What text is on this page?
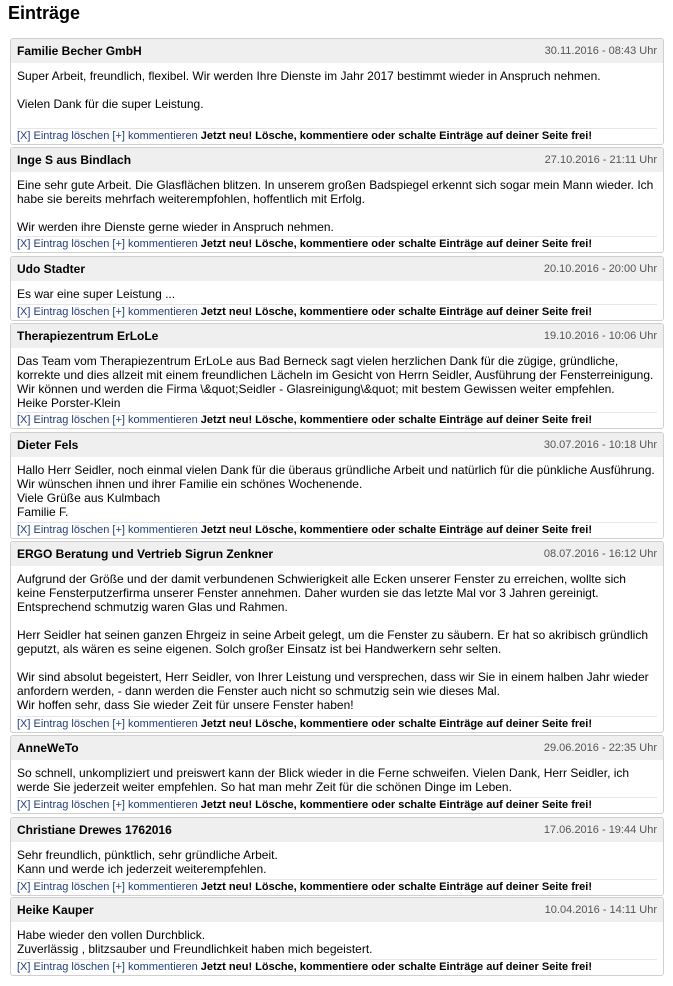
Einträge
Familie Becher GmbH	30.11.2016 - 08:43 Uhr

Super Arbeit, freundlich, flexibel. Wir werden Ihre Dienste im Jahr 2017 bestimmt wieder in Anspruch nehmen.

Vielen Dank für die super Leistung.

[X] Eintrag löschen [+] kommentieren Jetzt neu! Lösche, kommentiere oder schalte Einträge auf deiner Seite frei!
Inge S aus Bindlach	27.10.2016 - 21:11 Uhr

Eine sehr gute Arbeit. Die Glasflächen blitzen. In unserem großen Badspiegel erkennt sich sogar mein Mann wieder. Ich habe sie bereits mehrfach weiterempfohlen, hoffentlich mit Erfolg.

Wir werden ihre Dienste gerne wieder in Anspruch nehmen.

[X] Eintrag löschen [+] kommentieren Jetzt neu! Lösche, kommentiere oder schalte Einträge auf deiner Seite frei!
Udo Stadter	20.10.2016 - 20:00 Uhr

Es war eine super Leistung ...

[X] Eintrag löschen [+] kommentieren Jetzt neu! Lösche, kommentiere oder schalte Einträge auf deiner Seite frei!
Therapiezentrum ErLoLe	19.10.2016 - 10:06 Uhr

Das Team vom Therapiezentrum ErLoLe aus Bad Berneck sagt vielen herzlichen Dank für die zügige, gründliche, korrekte und dies allzeit mit einem freundlichen Lächeln im Gesicht von Herrn Seidler, Ausführung der Fensterreinigung. Wir können und werden die Firma \&quot;Seidler - Glasreinigung\&quot; mit bestem Gewissen weiter empfehlen.
Heike Porster-Klein

[X] Eintrag löschen [+] kommentieren Jetzt neu! Lösche, kommentiere oder schalte Einträge auf deiner Seite frei!
Dieter Fels	30.07.2016 - 10:18 Uhr

Hallo Herr Seidler, noch einmal vielen Dank für die überaus gründliche Arbeit und natürlich für die pünkliche Ausführung.
Wir wünschen ihnen und ihrer Familie ein schönes Wochenende.
Viele Grüße aus Kulmbach
Familie F.

[X] Eintrag löschen [+] kommentieren Jetzt neu! Lösche, kommentiere oder schalte Einträge auf deiner Seite frei!
ERGO Beratung und Vertrieb Sigrun Zenkner	08.07.2016 - 16:12 Uhr

Aufgrund der Größe und der damit verbundenen Schwierigkeit alle Ecken unserer Fenster zu erreichen, wollte sich keine Fensterputzerfirma unserer Fenster annehmen. Daher wurden sie das letzte Mal vor 3 Jahren gereinigt. Entsprechend schmutzig waren Glas und Rahmen.

Herr Seidler hat seinen ganzen Ehrgeiz in seine Arbeit gelegt, um die Fenster zu säubern. Er hat so akribisch gründlich geputzt, als wären es seine eigenen. Solch großer Einsatz ist bei Handwerkern sehr selten.

Wir sind absolut begeistert, Herr Seidler, von Ihrer Leistung und versprechen, dass wir Sie in einem halben Jahr wieder anfordern werden, - dann werden die Fenster auch nicht so schmutzig sein wie dieses Mal.
Wir hoffen sehr, dass Sie wieder Zeit für unsere Fenster haben!

[X] Eintrag löschen [+] kommentieren Jetzt neu! Lösche, kommentiere oder schalte Einträge auf deiner Seite frei!
AnneWeTo	29.06.2016 - 22:35 Uhr

So schnell, unkompliziert und preiswert kann der Blick wieder in die Ferne schweifen. Vielen Dank, Herr Seidler, ich werde Sie jederzeit weiter empfehlen. So hat man mehr Zeit für die schönen Dinge im Leben.

[X] Eintrag löschen [+] kommentieren Jetzt neu! Lösche, kommentiere oder schalte Einträge auf deiner Seite frei!
Christiane Drewes 1762016	17.06.2016 - 19:44 Uhr

Sehr freundlich, pünktlich, sehr gründliche Arbeit.
Kann und werde ich jederzeit weiterempfehlen.

[X] Eintrag löschen [+] kommentieren Jetzt neu! Lösche, kommentiere oder schalte Einträge auf deiner Seite frei!
Heike Kauper	10.04.2016 - 14:11 Uhr

Habe wieder den vollen Durchblick.
Zuverlässig , blitzsauber und Freundlichkeit haben mich begeistert.

[X] Eintrag löschen [+] kommentieren Jetzt neu! Lösche, kommentiere oder schalte Einträge auf deiner Seite frei!
